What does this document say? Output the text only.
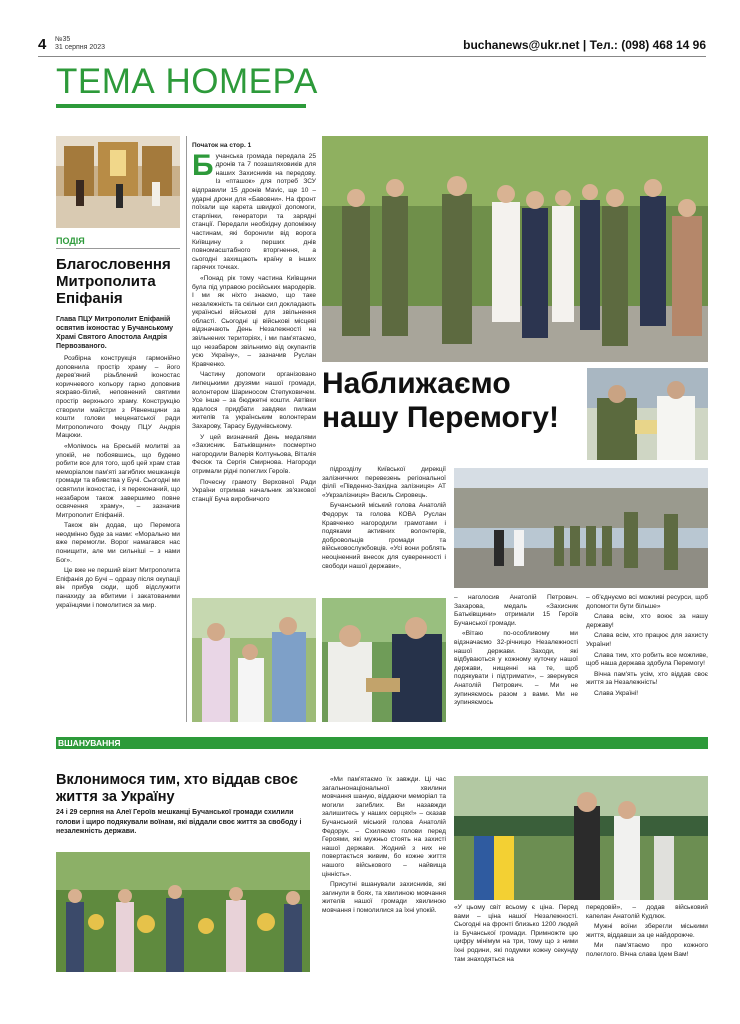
4 №35
31 серпня 2023	buchanews@ukr.net | Тел.: (098) 468 14 96
ТЕМА НОМЕРА
ПОДІЯ
Благословення Митрополита Епіфанія
Глава ПЦУ Митрополит Епіфаній освятив іконостас у Бучанському Храмі Святого Апостола Андрія Первозваного.

Розбірна конструкція гармонійно доповнила простір храму – його дерев'яний різьблений іконостас коричневого кольору гарно доповнив яскраво-білий, неповнений святими простір верхнього храму. Конструкцію створили майстри з Рівненщини за кошти голови меценатської ради Митрополичого Фонду ПЦУ Андрія Мацюки.

«Молімось на Бреській молитві за упокій, не побоявшись, що будемо робити все для того, щоб цей храм став меморіалом пам'яті загиблих мешканців громади та вбивства у Бучі. Сьогодні ми освятили іконостас, і я переконаний, що незабаром також завершимо повне освячення храму», – зазначив Митрополит Епіфаній.

Також він додав, що Перемога неодмінно буде за нами: «Морально ми вже перемогли. Ворог намагався нас понищити, але ми сильніші – з нами Бог».

Це вже не перший візит Митрополита Епіфанія до Бучі – одразу після окупації він прибув сюди, щоб відслужити панахиду за вбитими і закатованими українцями і помолитися за мир.

Початок на стор. 1

Б учанська громада передала 25 дронів та 7 позашляховиків для наших Захисників на передову. Із «пташок» для потреб ЗСУ відправили 15 дронів Mavic, ще 10 – ударні дрони для «Бавовни». На фронт поїхали ще карета швидкої допомоги, старлінки, генератори та зарядні станції. Передали необхідну допоміжну частинам, які боронили від ворога Київщину з перших днів повномасштабного вторгнення, а сьогодні захищають країну в інших гарячих точках.

«Понад рік тому частина Київщини була під управою російських мародерів. І ми як ніхто знаємо, що таке незалежність та скільки сил докладають українські військові для звільнення області. Сьогодні ці військові місцеві відзначають День Незалежності на звільнених територіях, і ми пам'ятаємо, що незабаром звільнимо від окупантів усю Україну», – зазначив Руслан Кравченко.

Частину допомоги організовано липецькими друзями нашої громади, волонтером Шариносом Степуковичем. Усе інше – за бюджетні кошти. Автівки вдалося придбати завдяки пилкам жителів та українським волонтерам Захарову, Тарасу Будунівському.

У цей визначний День медалями «Захисник. Батьківщини» посмертно нагородили Валерія Колтуньова, Віталія Фесюк та Сергія Смирнова. Нагороди отримали рідні полеглих Героїв.

Почесну грамоту Верховної Ради України отримав начальник зв'язкової станції Буча виробничого

Наближаємо нашу Перемогу!

підрозділу Київської дирекції залізничних перевезень регіональної філії «Південно-Західна залізниця» АТ «Укрзалізниця» Василь Сировець.

Бучанський міський голова Анатолій Федорук та голова КОВА Руслан Кравченко нагородили грамотами і подяками активних волонтерів, добровольців громади та військовослужбовців. «Усі вони роблять неоціненний внесок для суверенності і свободи нашої держави»,

– наголосив Анатолій Петрович. Захарова, медаль «Захисник Батьківщини» отримали 15 Героїв Бучанської громади.

«Вітаю по-особливому ми відзначаємо 32-річницю Незалежності нашої держави. Заходи, які відбуваються у кожному куточку нашої держави, нищенні на те, щоб подякувати і підтримати», – звернувся Анатолій Петрович. – Ми не зупиняємось разом з вами. Ми не зупиняємось

– об'єднуємо всі можливі ресурси, щоб допомогти бути більше»

Слава всім, хто воює за нашу державу!

Слава всім, хто працює для захисту України!

Слава тим, хто робить все можливе, щоб наша держава здобула Перемогу!

Вічна пам'ять усім, хто віддав своє життя за Незалежність!

Слава Україні!

ВШАНУВАННЯ
Вклонимося тим, хто віддав своє життя за Україну
24 і 29 серпня на Алеї Героїв мешканці Бучанської громади схилили голови і щиро подякували воїнам, які віддали своє життя за свободу і незалежність держави.

«Ми пам'ятаємо їх завжди. Ці час загальнонаціональної хвилини мовчання шаную, віддаючи меморіал та могили загиблих. Ви назавжди залишитесь у наших серцях!» – сказав Бучанський міський голова Анатолій Федорук. – Схиляємо голови перед Героями, які мужньо стоять на захисті нашої держави. Жодний з них не повертається живим, бо кожне життя нашого військового – найвища цінність».

Присутні вшанували захисників, які загинули в боях, та хвилиною мовчання жителів нашої громади хвилиною мовчання і помолилися за їхні упокій.	«У цьому світ всьому є ціна. Перед вами – ціна нашої Незалежності. Сьогодні на фронті близько 1200 людей із Бучанської громади. Примножте цю цифру мінімум на три, тому що з ними їхні родини, які подумки кожну секунду там знаходяться на

передовій», – додав військовий капелан Анатолій Кудлюк.

Мужні воїни зберегли міськими життя, віддавши за це найдорожче.

Ми пам'ятаємо про кожного полеглого. Вічна слава Ідем Вам!
